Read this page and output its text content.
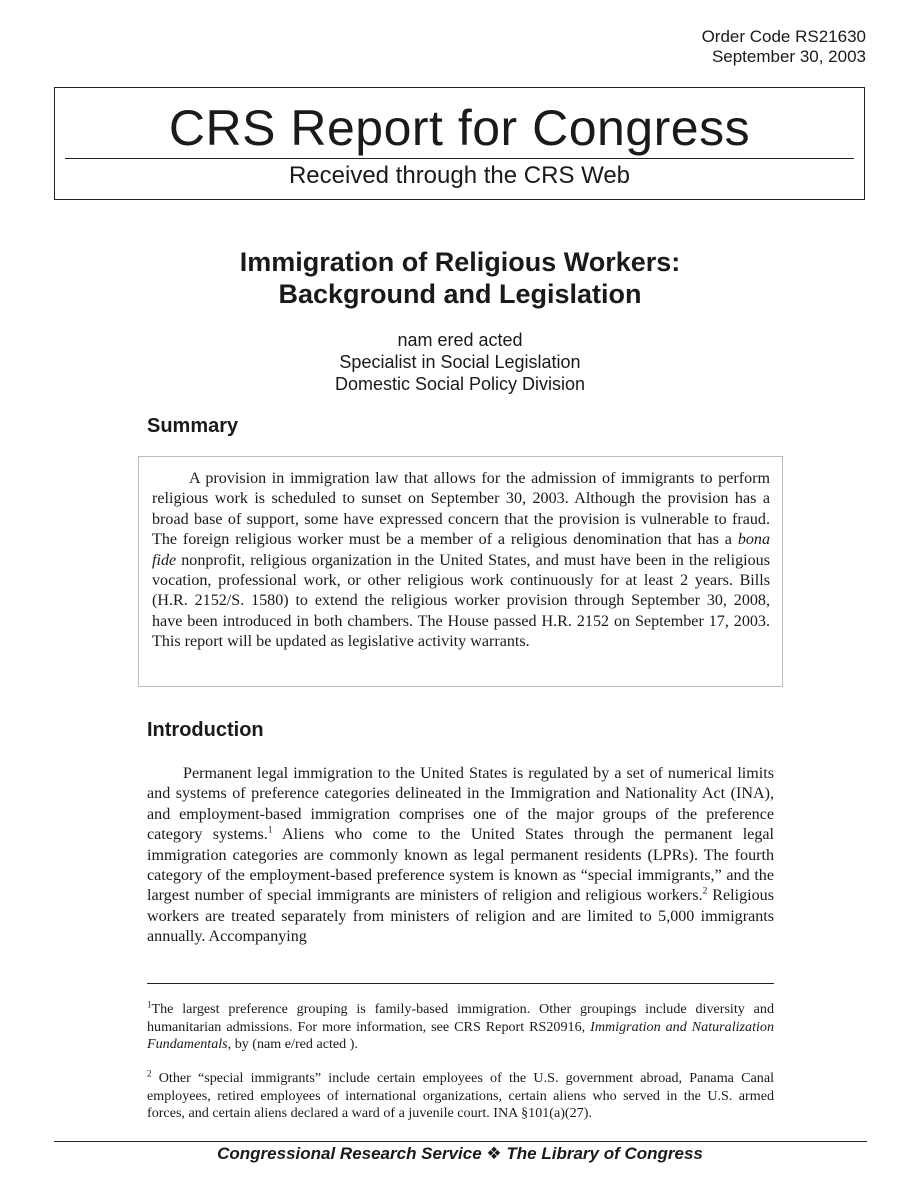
Order Code RS21630
September 30, 2003
CRS Report for Congress
Received through the CRS Web
Immigration of Religious Workers:
Background and Legislation
nam ered acted
Specialist in Social Legislation
Domestic Social Policy Division
Summary
A provision in immigration law that allows for the admission of immigrants to perform religious work is scheduled to sunset on September 30, 2003. Although the provision has a broad base of support, some have expressed concern that the provision is vulnerable to fraud. The foreign religious worker must be a member of a religious denomination that has a bona fide nonprofit, religious organization in the United States, and must have been in the religious vocation, professional work, or other religious work continuously for at least 2 years. Bills (H.R. 2152/S. 1580) to extend the religious worker provision through September 30, 2008, have been introduced in both chambers. The House passed H.R. 2152 on September 17, 2003. This report will be updated as legislative activity warrants.
Introduction
Permanent legal immigration to the United States is regulated by a set of numerical limits and systems of preference categories delineated in the Immigration and Nationality Act (INA), and employment-based immigration comprises one of the major groups of the preference category systems.$^1$ Aliens who come to the United States through the permanent legal immigration categories are commonly known as legal permanent residents (LPRs). The fourth category of the employment-based preference system is known as “special immigrants,” and the largest number of special immigrants are ministers of religion and religious workers.$^2$ Religious workers are treated separately from ministers of religion and are limited to 5,000 immigrants annually. Accompanying
$^1$The largest preference grouping is family-based immigration. Other groupings include diversity and humanitarian admissions. For more information, see CRS Report RS20916, Immigration and Naturalization Fundamentals, by (nam e/red acted ).
$^2$ Other “special immigrants” include certain employees of the U.S. government abroad, Panama Canal employees, retired employees of international organizations, certain aliens who served in the U.S. armed forces, and certain aliens declared a ward of a juvenile court. INA §101(a)(27).
Congressional Research Service ❖ The Library of Congress
